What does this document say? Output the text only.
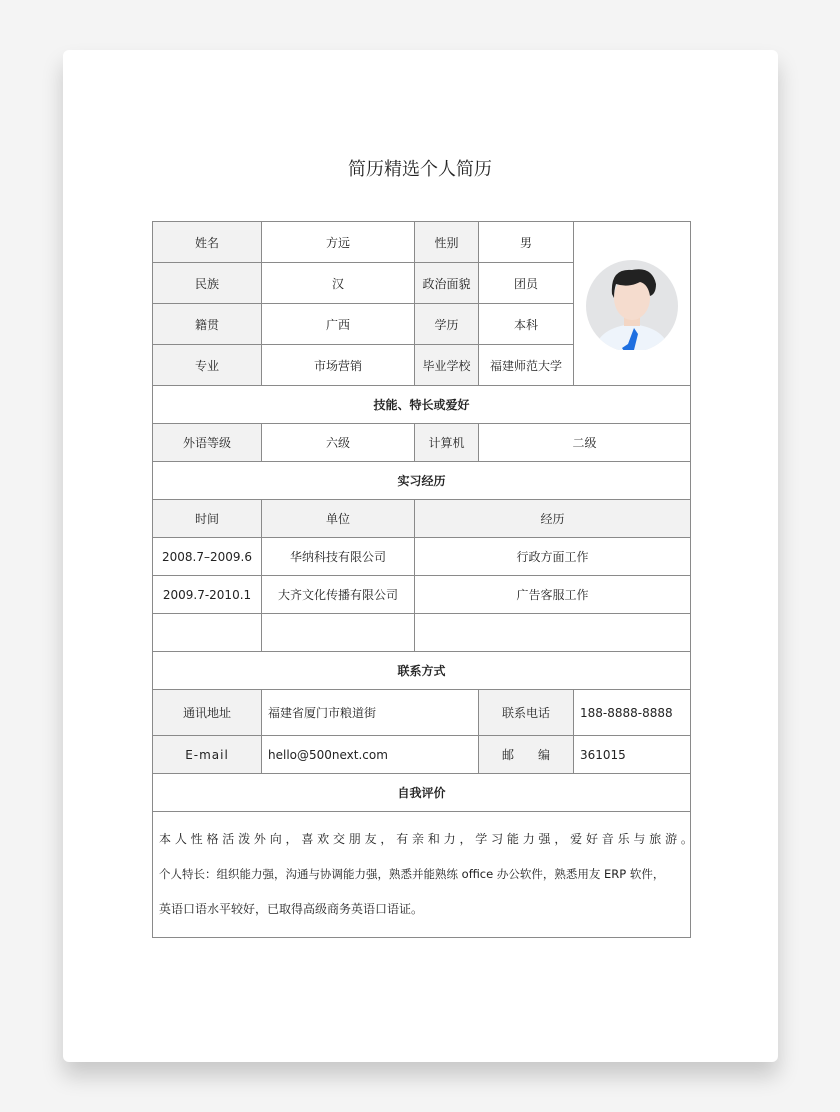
简历精选个人简历
姓名	方远	性别	男	
民族	汉	政治面貌	团员	
籍贯	广西	学历	本科	
专业	市场营销	毕业学校	福建师范大学	
技能、特长或爱好				
外语等级	六级	计算机	二级	
实习经历				
时间	单位	经历		
2008.7–2009.6	华纳科技有限公司	行政方面工作		
2009.7-2010.1	大齐文化传播有限公司	广告客服工作		

联系方式				
通讯地址	福建省厦门市粮道街		联系电话	188-8888-8888
E-mail	hello@500next.com		邮　　编	361015
自我评价				

本 人 性 格 活 泼 外 向 ， 喜 欢 交 朋 友 ， 有 亲 和 力 ， 学 习 能 力 强 ， 爱 好 音 乐 与 旅 游 。
个人特长：组织能力强，沟通与协调能力强，熟悉并能熟练 office 办公软件，熟悉用友 ERP 软件，
英语口语水平较好，已取得高级商务英语口语证。				
